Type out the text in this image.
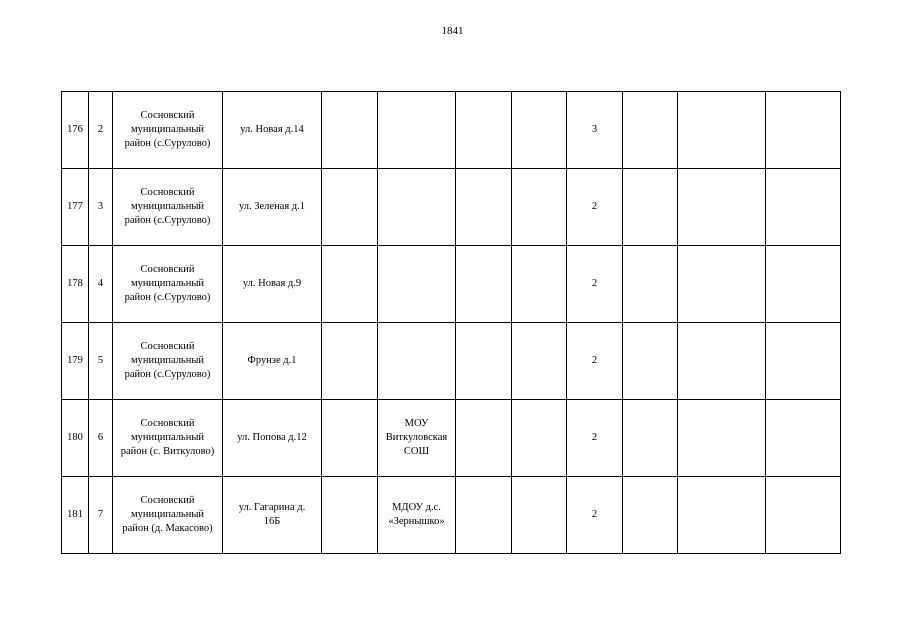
1841
176	2	Сосновский
муниципальный
район (с.Сурулово)	ул. Новая д.14					3			
177	3	Сосновский
муниципальный
район (с.Сурулово)	ул. Зеленая д.1					2			
178	4	Сосновский
муниципальный
район (с.Сурулово)	ул. Новая д.9					2			
179	5	Сосновский
муниципальный
район (с.Сурулово)	Фрунзе д.1					2			
180	6	Сосновский
муниципальный
район (с. Виткулово)	ул. Попова д.12		МОУ
Виткуловская
СОШ			2			
181	7	Сосновский
муниципальный
район (д. Макасово)	ул. Гагарина д.
16Б		МДОУ д.с.
«Зернышко»			2			
